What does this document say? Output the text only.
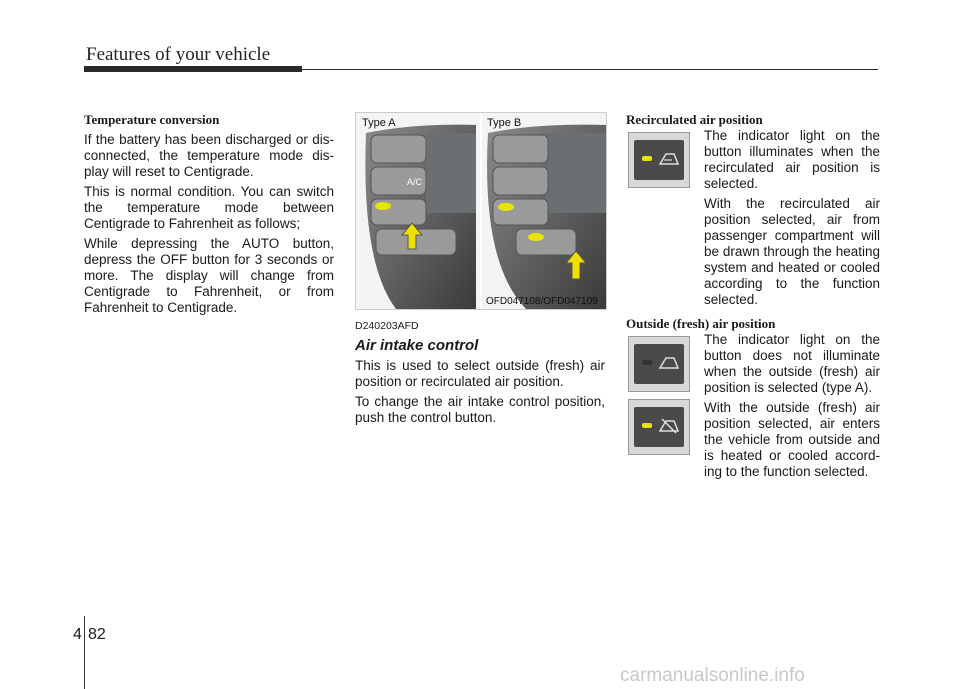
Features of your vehicle

Temperature conversion

If the battery has been discharged or dis-connected, the temperature mode dis-play will reset to Centigrade.

This is normal condition. You can switch the temperature mode between Centigrade to Fahrenheit as follows;

While depressing the AUTO button, depress the OFF button for 3 seconds or more. The display will change from Centigrade to Fahrenheit, or from Fahrenheit to Centigrade.

A/C
Type A	Type B
OFD047108/OFD047109

D240203AFD

Air intake control

This is used to select outside (fresh) air position or recirculated air position.

To change the air intake control position, push the control button.

Recirculated air position

The indicator light on the button illuminates when the recirculated air position is selected.

With the recirculated air position selected, air from passenger compartment will be drawn through the heating system and heated or cooled according to the function selected.

Outside (fresh) air position

The indicator light on the button does not illuminate when the outside (fresh) air position is selected (type A).

With the outside (fresh) air position selected, air enters the vehicle from outside and is heated or cooled accord-ing to the function selected.

4 82
carmanualsonline.info
